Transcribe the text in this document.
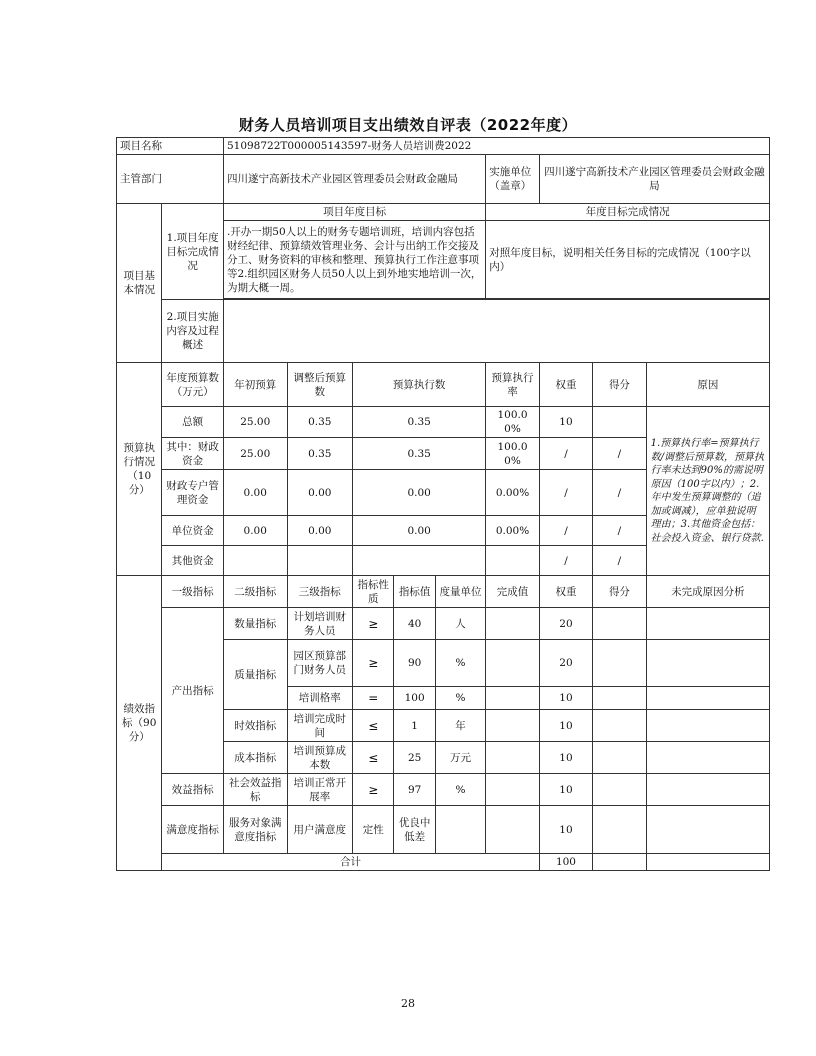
财务人员培训项目支出绩效自评表（2022年度）
项目名称		51098722T000005143597-财务人员培训费2022								
主管部门		四川遂宁高新技术产业园区管理委员会财政金融局					实施单位（盖章）	四川遂宁高新技术产业园区管理委员会财政金融局		
项目基本情况	1.项目年度目标完成情况	项目年度目标					年度目标完成情况			
		.开办一期50人以上的财务专题培训班，培训内容包括财经纪律、预算绩效管理业务、会计与出纳工作交接及分工、财务资料的审核和整理、预算执行工作注意事项等2.组织园区财务人员50人以上到外地实地培训一次，为期大概一周。					对照年度目标，说明相关任务目标的完成情况（100字以内）			

	2.项目实施内容及过程概述									
预算执行情况（10分）	年度预算数（万元）	年初预算	调整后预算数	预算执行数			预算执行率	权重	得分	原因
	总额	25.00	0.35	0.35			100.00%	10		1.预算执行率=预算执行数/调整后预算数，预算执行率未达到90%的需说明原因（100字以内）；2.年中发生预算调整的（追加或调减），应单独说明理由；3.其他资金包括：社会投入资金、银行贷款.
	其中：财政资金	25.00	0.35	0.35			100.00%	/	/	
	财政专户管理资金	0.00	0.00	0.00			0.00%	/	/	
	单位资金	0.00	0.00	0.00			0.00%	/	/	
	其他资金							/	/	
绩效指标（90分）	一级指标	二级指标	三级指标	指标性质	指标值	度量单位	完成值	权重	得分	未完成原因分析
	产出指标	数量指标	计划培训财务人员	≥	40	人		20		
		质量指标	园区预算部门财务人员	≥	90	%		20		
			培训格率	=	100	%		10		
		时效指标	培训完成时间	≤	1	年		10		
		成本指标	培训预算成本数	≤	25	万元		10		
	效益指标	社会效益指标	培训正常开展率	≥	97	%		10		
	满意度指标	服务对象满意度指标	用户满意度	定性	优良中低差			10		
	合计							100		
28
